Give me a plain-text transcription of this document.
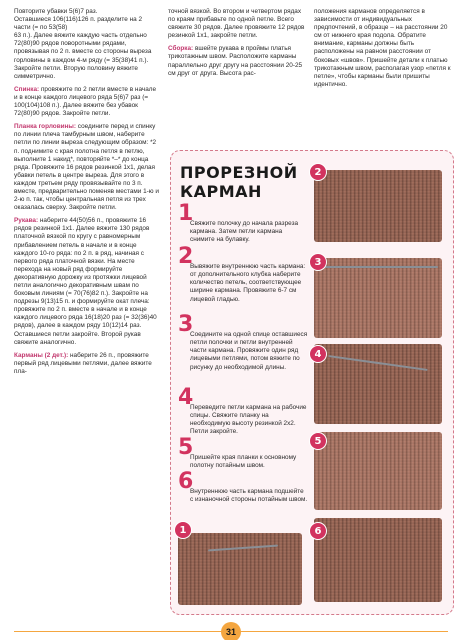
Повторите убавки 5(6)7 раз.
Оставшиеся 106(116)126 п. разделите на 2 части (= по 53(58)
63 п.). Далее вяжите каждую часть отдельно 72(80)90 рядов поворотными рядами, провязывая по 2 п. вместе со стороны выреза горловины в каждом 4-м ряду (= 35(38)41 п.). Закройте петли. Вторую половину вяжите симметрично.

Спинка: провяжите по 2 петли вместе в начале и в конце каждого лицевого ряда 5(6)7 раз (= 100(104)108 п.). Далее вяжите без убавок 72(80)90 рядов. Закройте петли.

Планка горловины: соедините перед и спинку по линии плеча тамбурным швом, наберите петли по линии выреза следующим образом: *2 п. поднимите с края полотна петля в петлю, выполните 1 накид*, повторяйте *–* до конца ряда. Провяжите 16 рядов резинкой 1x1, делая убавки петель в центре выреза. Для этого в каждом третьем ряду провязывайте по 3 п. вместе, предварительно поменяв местами 1-ю и 2-ю п. так, чтобы центральная петля из трех оказалась сверху. Закройте петли.

Рукава: наберите 44(50)56 п., провяжите 16 рядов резинкой 1x1. Далее вяжите 130 рядов платочной вязкой по кругу с равномерным прибавлением петель в начале и в конце каждого 10-го ряда: по 2 п. в ряд, начиная с первого ряда платочной вязки. На месте перехода на новый ряд формируйте декоративную дорожку из протяжки лицевой петли аналогично декоративным швам по боковым линиям (= 70(76)82 п.). Закройте на подрезы 9(13)15 п. и формируйте окат плеча: провяжите по 2 п. вместе в начале и в конце каждого лицевого ряда 16(18)20 раз (= 32(36)40 рядов), далее в каждом ряду 10(12)14 раз. Оставшиеся петли закройте. Второй рукав свяжите аналогично.

Карманы (2 дет.): наберите 26 п., провяжите первый ряд лицевыми петлями, далее вяжите пла-

точной вязкой. Во втором и четвертом рядах по краям прибавьте по одной петле. Всего свяжите 30 рядов. Далее провяжите 12 рядов резинкой 1x1, закройте петли.

Сборка: вшейте рукава в проймы платья трикотажным швом. Расположите карманы параллельно друг другу на расстоянии 20-25 см друг от друга. Высота рас-

положения карманов определяется в зависимости от индивидуальных предпочтений, в образце – на расстоянии 20 см от нижнего края подола. Обратите внимание, карманы должны быть расположены на равном расстоянии от боковых «швов». Пришейте детали к платью трикотажным швом, располагая узор «петля к петле», чтобы карманы были пришиты идентично.

ПРОРЕЗНОЙ
КАРМАН

1

Свяжите полочку до начала разреза кармана. Затем петли кармана снимите на булавку.

2

Вывяжите внутреннюю часть кармана: от дополнительного клубка наберите количество петель, соответствующее ширине кармана. Провяжите 6-7 см лицевой гладью.

3

Соедините на одной спице оставшиеся петли полочки и петли внутренней части кармана. Провяжите один ряд лицевыми петлями, потом вяжите по рисунку до необходимой длины.

4

Переведите петли кармана на рабочие спицы. Свяжите планку на необходимую высоту резинкой 2x2. Петли закройте.

5

Пришейте края планки к основному полотну потайным швом.

6

Внутреннюю часть кармана подшейте с изнаночной стороны потайным швом.

1
2
3
4
5
6
31
